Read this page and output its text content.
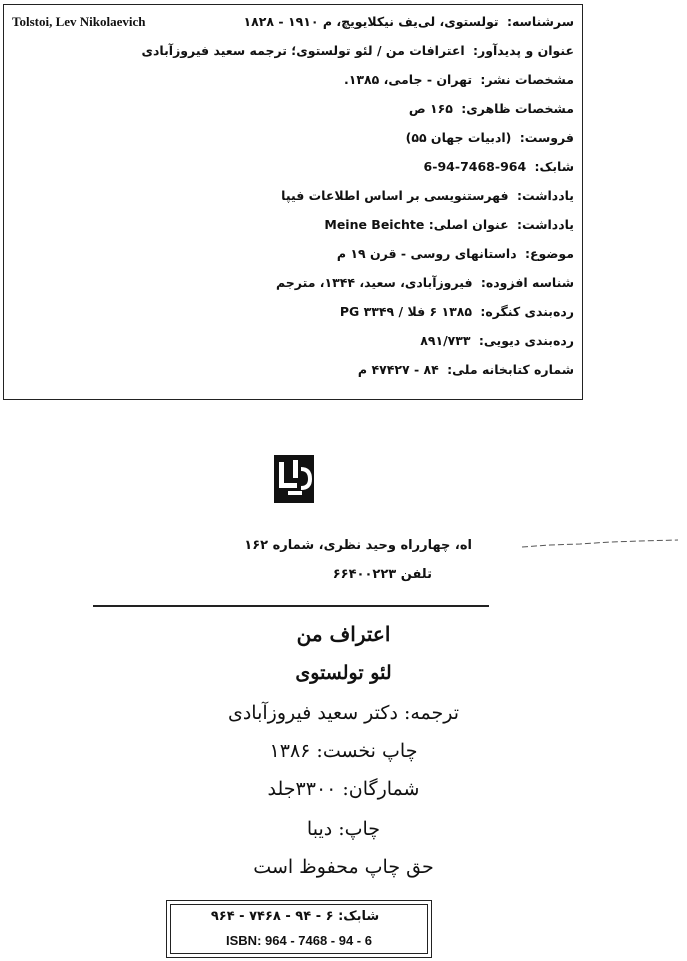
Tolstoi, Lev Nikolaevich	سرشناسه: تولستوی، لی‌یف نیکلایویچ، م ۱۹۱۰ - ۱۸۲۸
عنوان و پدیدآور: اعترافات من / لئو تولستوی؛ ترجمه سعید فیروزآبادی
مشخصات نشر: تهران - جامی، ۱۳۸۵.
مشخصات ظاهری: ۱۶۵ ص
فروست: (ادبیات جهان ۵۵)
شابک: 964-7468-94-6
یادداشت: فهرستنویسی بر اساس اطلاعات فیپا
یادداشت: عنوان اصلی: Meine Beichte
موضوع: داستانهای روسی - قرن ۱۹ م
شناسه افزوده: فیروزآبادی، سعید، ۱۳۴۴، مترجم
رده‌بندی کنگره: ۱۳۸۵ ۶ فلا / ۳۳۴۹ PG
رده‌بندی دیویی: ۸۹۱/۷۳۳
شماره کتابخانه ملی: ۸۴ - ۴۷۴۲۷ م
اه، چهارراه وحید نظری، شماره ۱۶۲
تلفن ۶۶۴۰۰۲۲۳
اعتراف من
لئو تولستوی
ترجمه: دکتر سعید فیروزآبادی
چاپ نخست: ۱۳۸۶
شمارگان: ۳۳۰۰جلد
چاپ: دیبا
حق چاپ محفوظ است
شابک: ۶ - ۹۴ - ۷۴۶۸ - ۹۶۴
ISBN: 964 - 7468 - 94 - 6
